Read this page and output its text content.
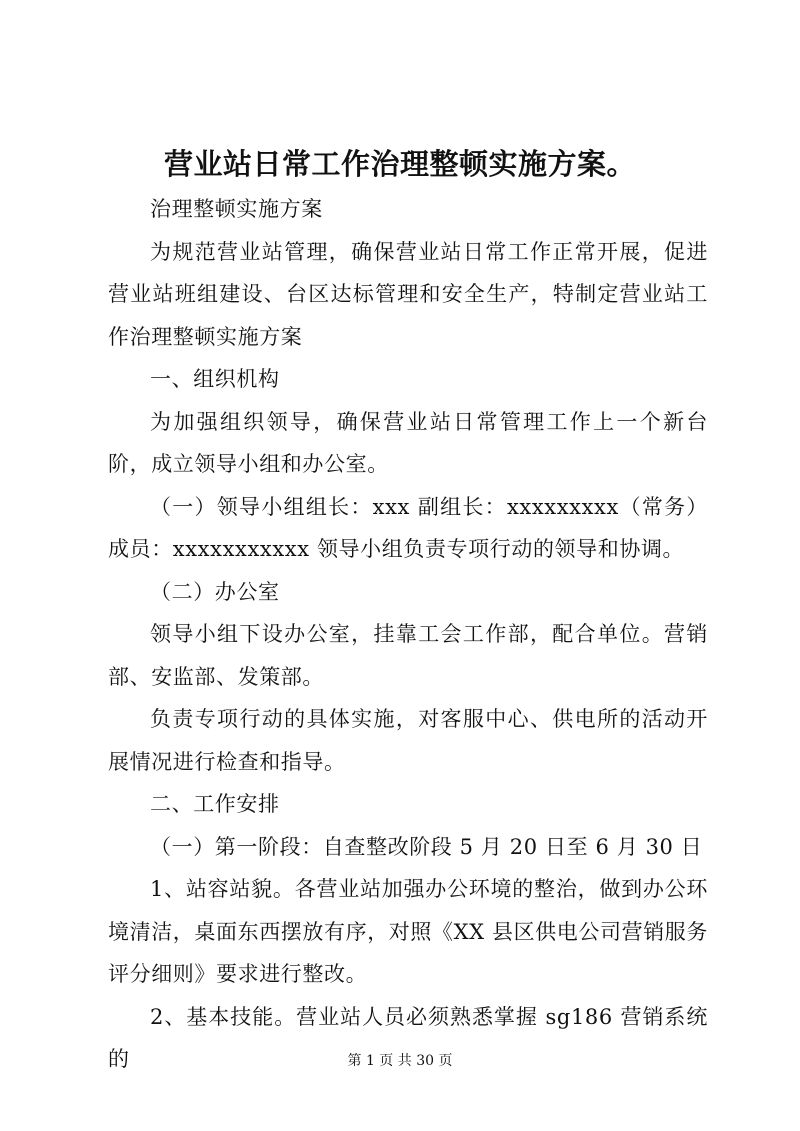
营业站日常工作治理整顿实施方案。

治理整顿实施方案

为规范营业站管理，确保营业站日常工作正常开展，促进营业站班组建设、台区达标管理和安全生产，特制定营业站工作治理整顿实施方案

一、组织机构

为加强组织领导，确保营业站日常管理工作上一个新台阶，成立领导小组和办公室。

（一）领导小组组长：xxx 副组长：xxxxxxxxx（常务）成员：xxxxxxxxxxx 领导小组负责专项行动的领导和协调。

（二）办公室

领导小组下设办公室，挂靠工会工作部，配合单位。营销部、安监部、发策部。

负责专项行动的具体实施，对客服中心、供电所的活动开展情况进行检查和指导。

二、工作安排

（一）第一阶段：自查整改阶段 5 月 20 日至 6 月 30 日

1、站容站貌。各营业站加强办公环境的整治，做到办公环境清洁，桌面东西摆放有序，对照《XX 县区供电公司营销服务评分细则》要求进行整改。

2、基本技能。营业站人员必须熟悉掌握 sg186 营销系统的	第 1 页 共 30 页
